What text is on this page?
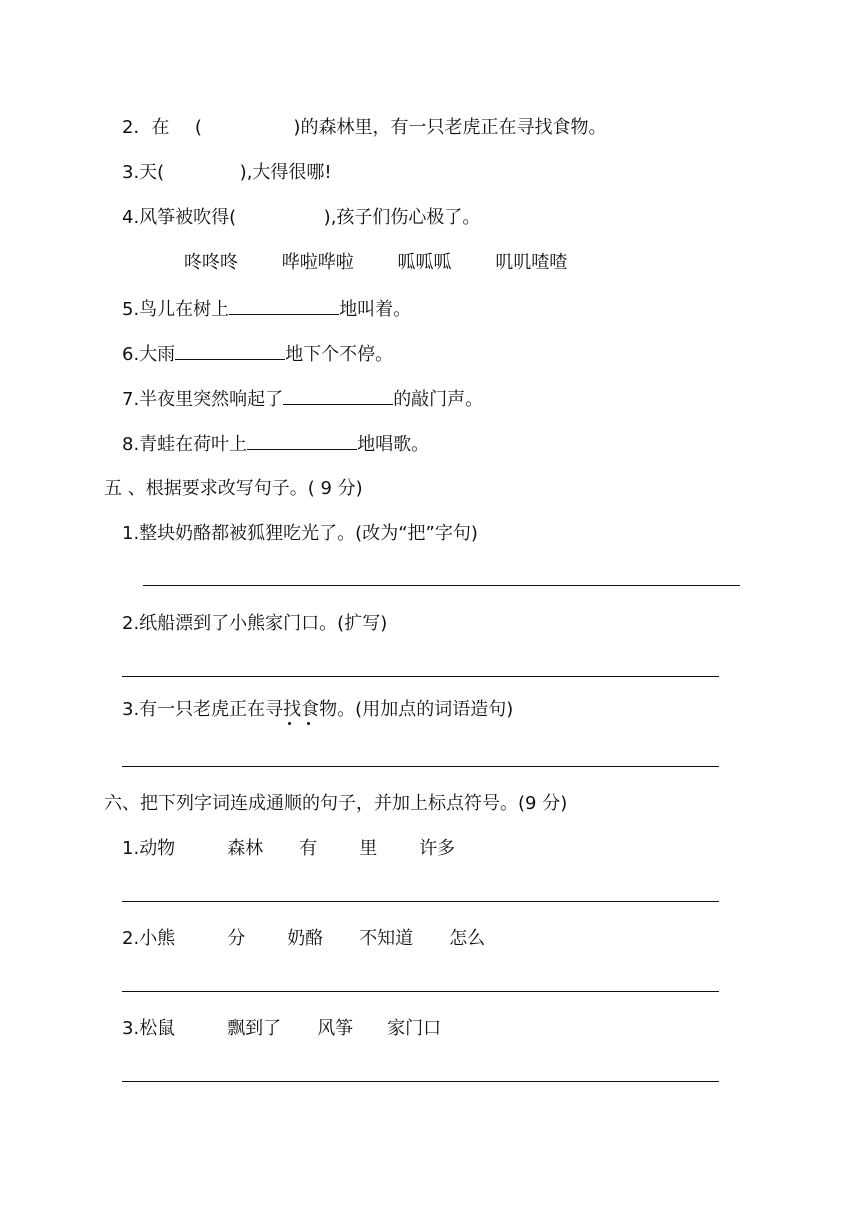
2．在 (	)的森林里，有一只老虎正在寻找食物。
3.天(	),大得很哪!
4.风筝被吹得(	),孩子们伤心极了。
咚咚咚 哗啦哗啦 呱呱呱 叽叽喳喳
5.鸟儿在树上	地叫着。
6.大雨	地下个不停。
7.半夜里突然响起了	的敲门声。
8.青蛙在荷叶上	地唱歌。
五 、根据要求改写句子。( 9 分)
1.整块奶酪都被狐狸吃光了。(改为“把”字句)
2.纸船漂到了小熊家门口。(扩写)
3.有一只老虎正在寻找食物。(用加点的词语造句)
六、把下列字词连成通顺的句子，并加上标点符号。(9 分)
1.动物	森林 有 里 许多
2.小熊	分 奶酪 不知道 怎么
3.松鼠	飘到了 风筝 家门口
